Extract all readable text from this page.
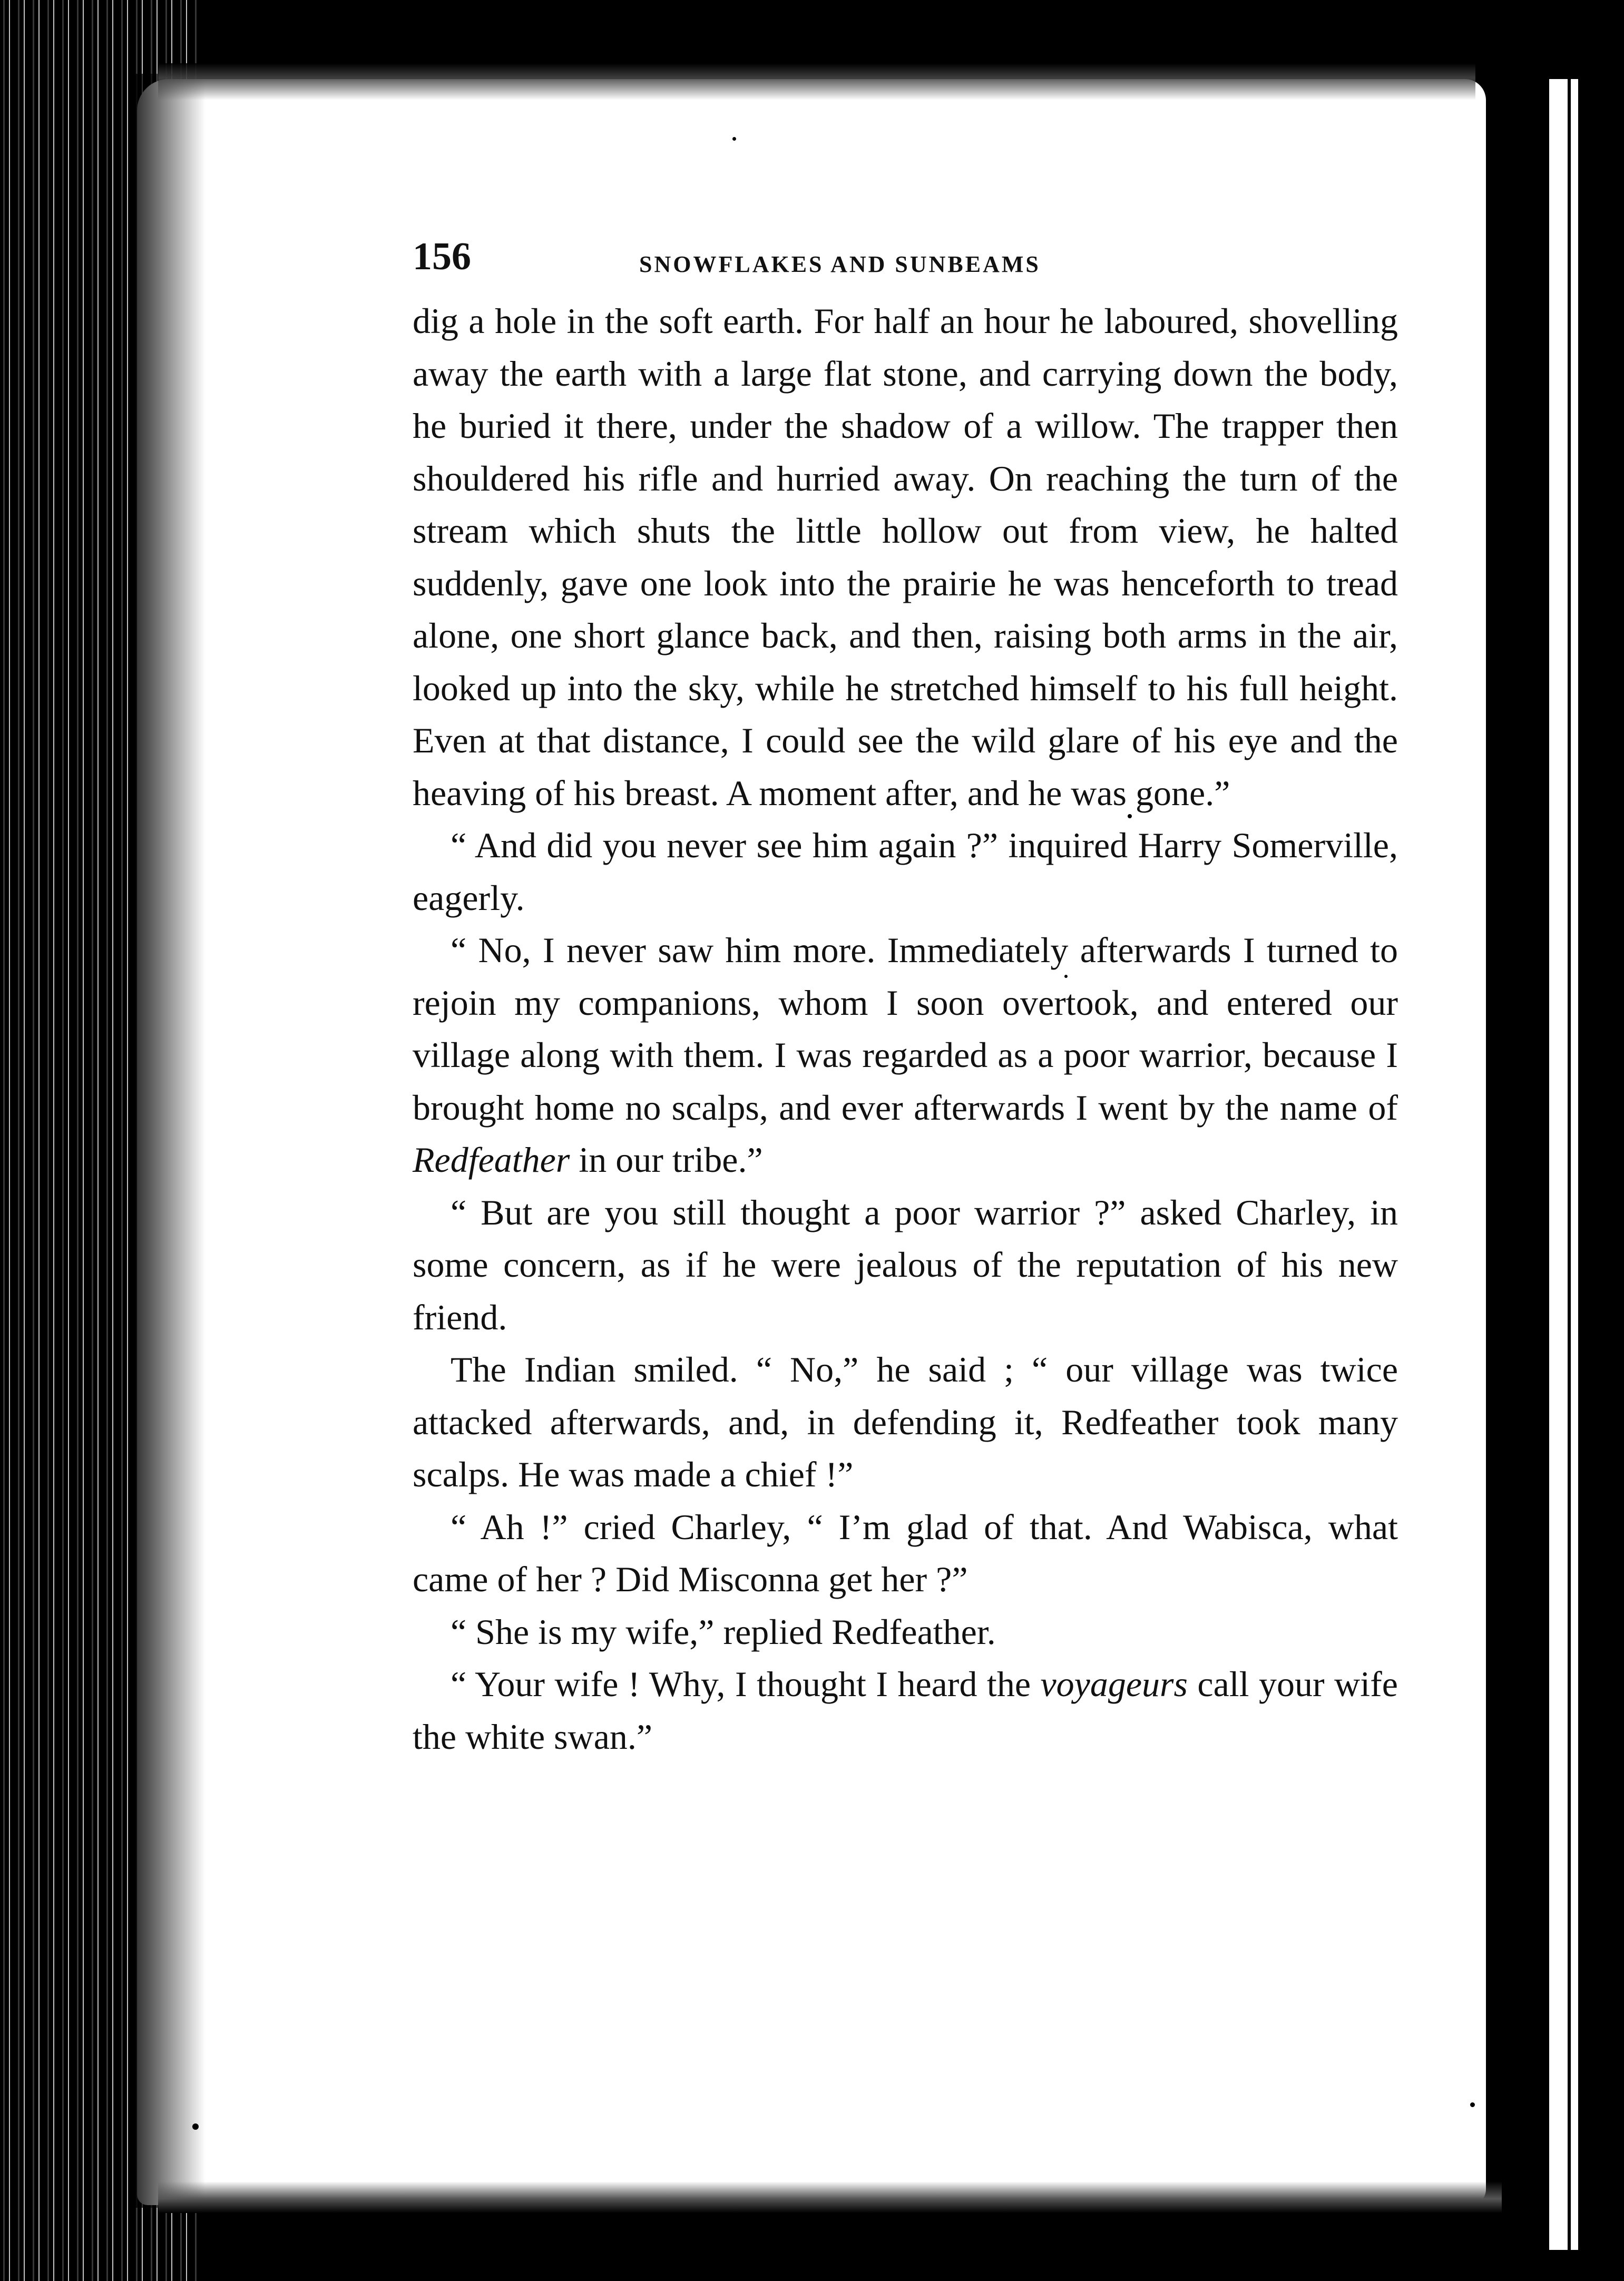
156	SNOWFLAKES AND SUNBEAMS

dig a hole in the soft earth. For half an hour he laboured, shovelling away the earth with a large flat stone, and carrying down the body, he buried it there, under the shadow of a willow. The trapper then shouldered his rifle and hurried away. On reaching the turn of the stream which shuts the little hollow out from view, he halted suddenly, gave one look into the prairie he was henceforth to tread alone, one short glance back, and then, raising both arms in the air, looked up into the sky, while he stretched himself to his full height. Even at that distance, I could see the wild glare of his eye and the heaving of his breast. A moment after, and he was gone.”

“ And did you never see him again ?” inquired Harry Somerville, eagerly.

“ No, I never saw him more. Immediately afterwards I turned to rejoin my companions, whom I soon overtook, and entered our village along with them. I was regarded as a poor warrior, because I brought home no scalps, and ever afterwards I went by the name of Redfeather in our tribe.”

“ But are you still thought a poor warrior ?” asked Charley, in some concern, as if he were jealous of the reputation of his new friend.

The Indian smiled. “ No,” he said ; “ our village was twice attacked afterwards, and, in defending it, Redfeather took many scalps. He was made a chief !”

“ Ah !” cried Charley, “ I’m glad of that. And Wabisca, what came of her ? Did Misconna get her ?”

“ She is my wife,” replied Redfeather.

“ Your wife ! Why, I thought I heard the voyageurs call your wife the white swan.”
